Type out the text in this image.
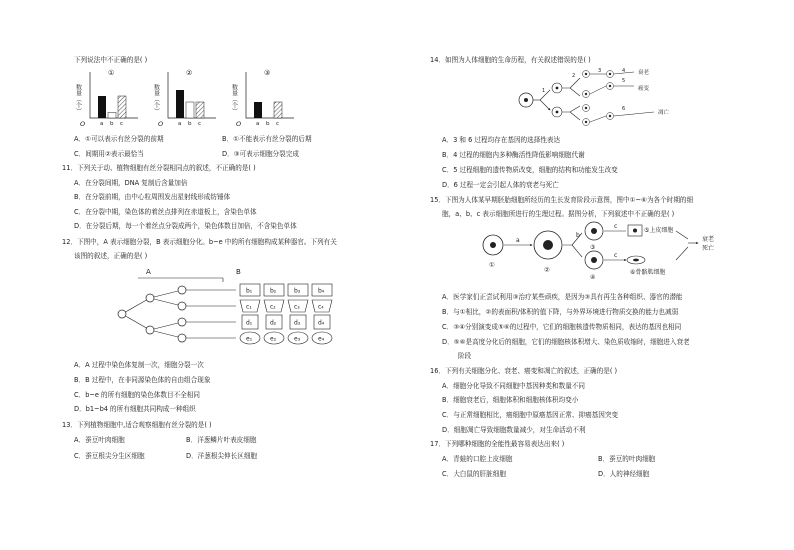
下列说法中不正确的是( )
数量（个）
O
①
a b c
数量（个）
O
②
a b c
数量（个）
O
③
a b c
A．①可以表示有丝分裂的前期	B．①不能表示有丝分裂的后期
C．间期用②表示最恰当	D．③可表示细胞分裂完成
11．下列关于动、植物细胞有丝分裂相同点的叙述，不正确的是( )
A．在分裂间期，DNA 复制后含量加倍
B．在分裂前期，由中心粒周围发出星射线形成纺锤体
C．在分裂中期，染色体的着丝点排列在赤道板上，含染色单体
D．在分裂后期，每一个着丝点分裂成两个，染色体数目加倍，不含染色单体
12．下图中，A 表示细胞分裂，B 表示细胞分化。b~e 中的所有细胞构成某种器官。下列有关
该图的叙述，正确的是( )
A	B
b₁	b₂	b₃	b₄
c₁	c₂	c₃	c₄
d₁	d₂	d₃	d₄
e₁	e₂	e₃	e₄
A．A 过程中染色体复制一次，细胞分裂一次
B．B 过程中，在非同源染色体的自由组合现象
C．b~e 的所有细胞的染色体数目不全相同
D．b1~b4 的所有细胞共同构成一种组织
13．下列植物细胞中,适合观察细胞有丝分裂的是( )
A．蚕豆叶肉细胞	B．洋葱鳞片叶表皮细胞
C．蚕豆根尖分生区细胞	D．洋葱根尖伸长区细胞
14．如图为人体细胞的生命历程，有关叙述错误的是( )
1
2
3	4
5
6
衰老
癌变
凋亡
A．3 和 6 过程均存在基因的选择性表达
B．4 过程的细胞内多种酶活性降低影响细胞代谢
C．5 过程细胞的遗传物质改变，细胞的结构和功能发生改变
D．6 过程一定会引起人体的衰老与死亡
15．下图为人体某早期胚胎细胞所经历的生长发育阶段示意图，图中①~⑥为各个时期的细
胞，a、b、c 表示细胞所进行的生理过程。据图分析，下列叙述中不正确的是( )
①
a
②
b
③
④
c
c
⑤上皮细胞
⑥骨骼肌细胞
衰老
死亡
A．医学家们正尝试利用③治疗某些顽疾，是因为③具有再生各种组织、器官的潜能
B．与①相比，②的表面积/体积的值下降，与外界环境进行物质交换的能力也减弱
C．③④分别演变成⑤⑥的过程中，它们的细胞核遗传物质相同，表达的基因也相同
D．⑤⑥是高度分化后的细胞，它们的细胞核体积增大、染色质收缩时，细胞进入衰老
阶段
16．下列有关细胞分化、衰老、癌变和凋亡的叙述，正确的是( )
A．细胞分化导致不同细胞中基因种类和数量不同
B．细胞衰老后，细胞体积和细胞核体积均变小
C．与正常细胞相比，癌细胞中原癌基因正常、抑癌基因突变
D．细胞凋亡导致细胞数量减少，对生命活动不利
17．下列哪种细胞的全能性最容易表达出来( )
A．青蛙的口腔上皮细胞	B．蚕豆的叶肉细胞
C．大白鼠的肝脏细胞	D．人的神经细胞
